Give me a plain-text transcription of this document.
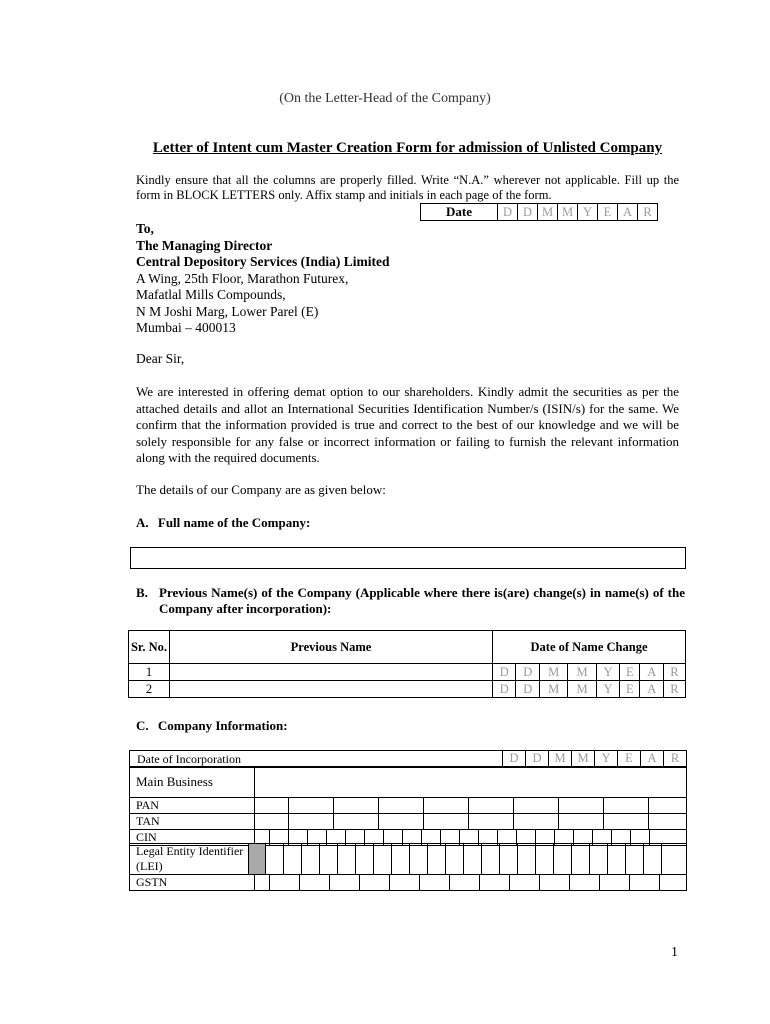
(On the Letter-Head of the Company)
Letter of Intent cum Master Creation Form for admission of Unlisted Company
Kindly ensure that all the columns are properly filled. Write “N.A.” wherever not applicable. Fill up the form in BLOCK LETTERS only. Affix stamp and initials in each page of the form.
Date	D	D	M	M	Y	E	A	R
To,
The Managing Director
Central Depository Services (India) Limited
A Wing, 25th Floor, Marathon Futurex,
Mafatlal Mills Compounds,
N M Joshi Marg, Lower Parel (E)
Mumbai – 400013
Dear Sir,
We are interested in offering demat option to our shareholders. Kindly admit the securities as per the attached details and allot an International Securities Identification Number/s (ISIN/s) for the same. We confirm that the information provided is true and correct to the best of our knowledge and we will be solely responsible for any false or incorrect information or failing to furnish the relevant information along with the required documents.
The details of our Company are as given below:
A. Full name of the Company:
B. Previous Name(s) of the Company (Applicable where there is(are) change(s) in name(s) of the Company after incorporation):
Sr. No.	Previous Name	Date of Name Change							
1		D	D	M	M	Y	E	A	R
2		D	D	M	M	Y	E	A	R
C. Company Information:
Date of Incorporation	D	D	M	M	Y	E	A	R
Main Business	
PAN										
TAN										
CIN																						
Legal Entity Identifier (LEI)																								
GSTN															
1
